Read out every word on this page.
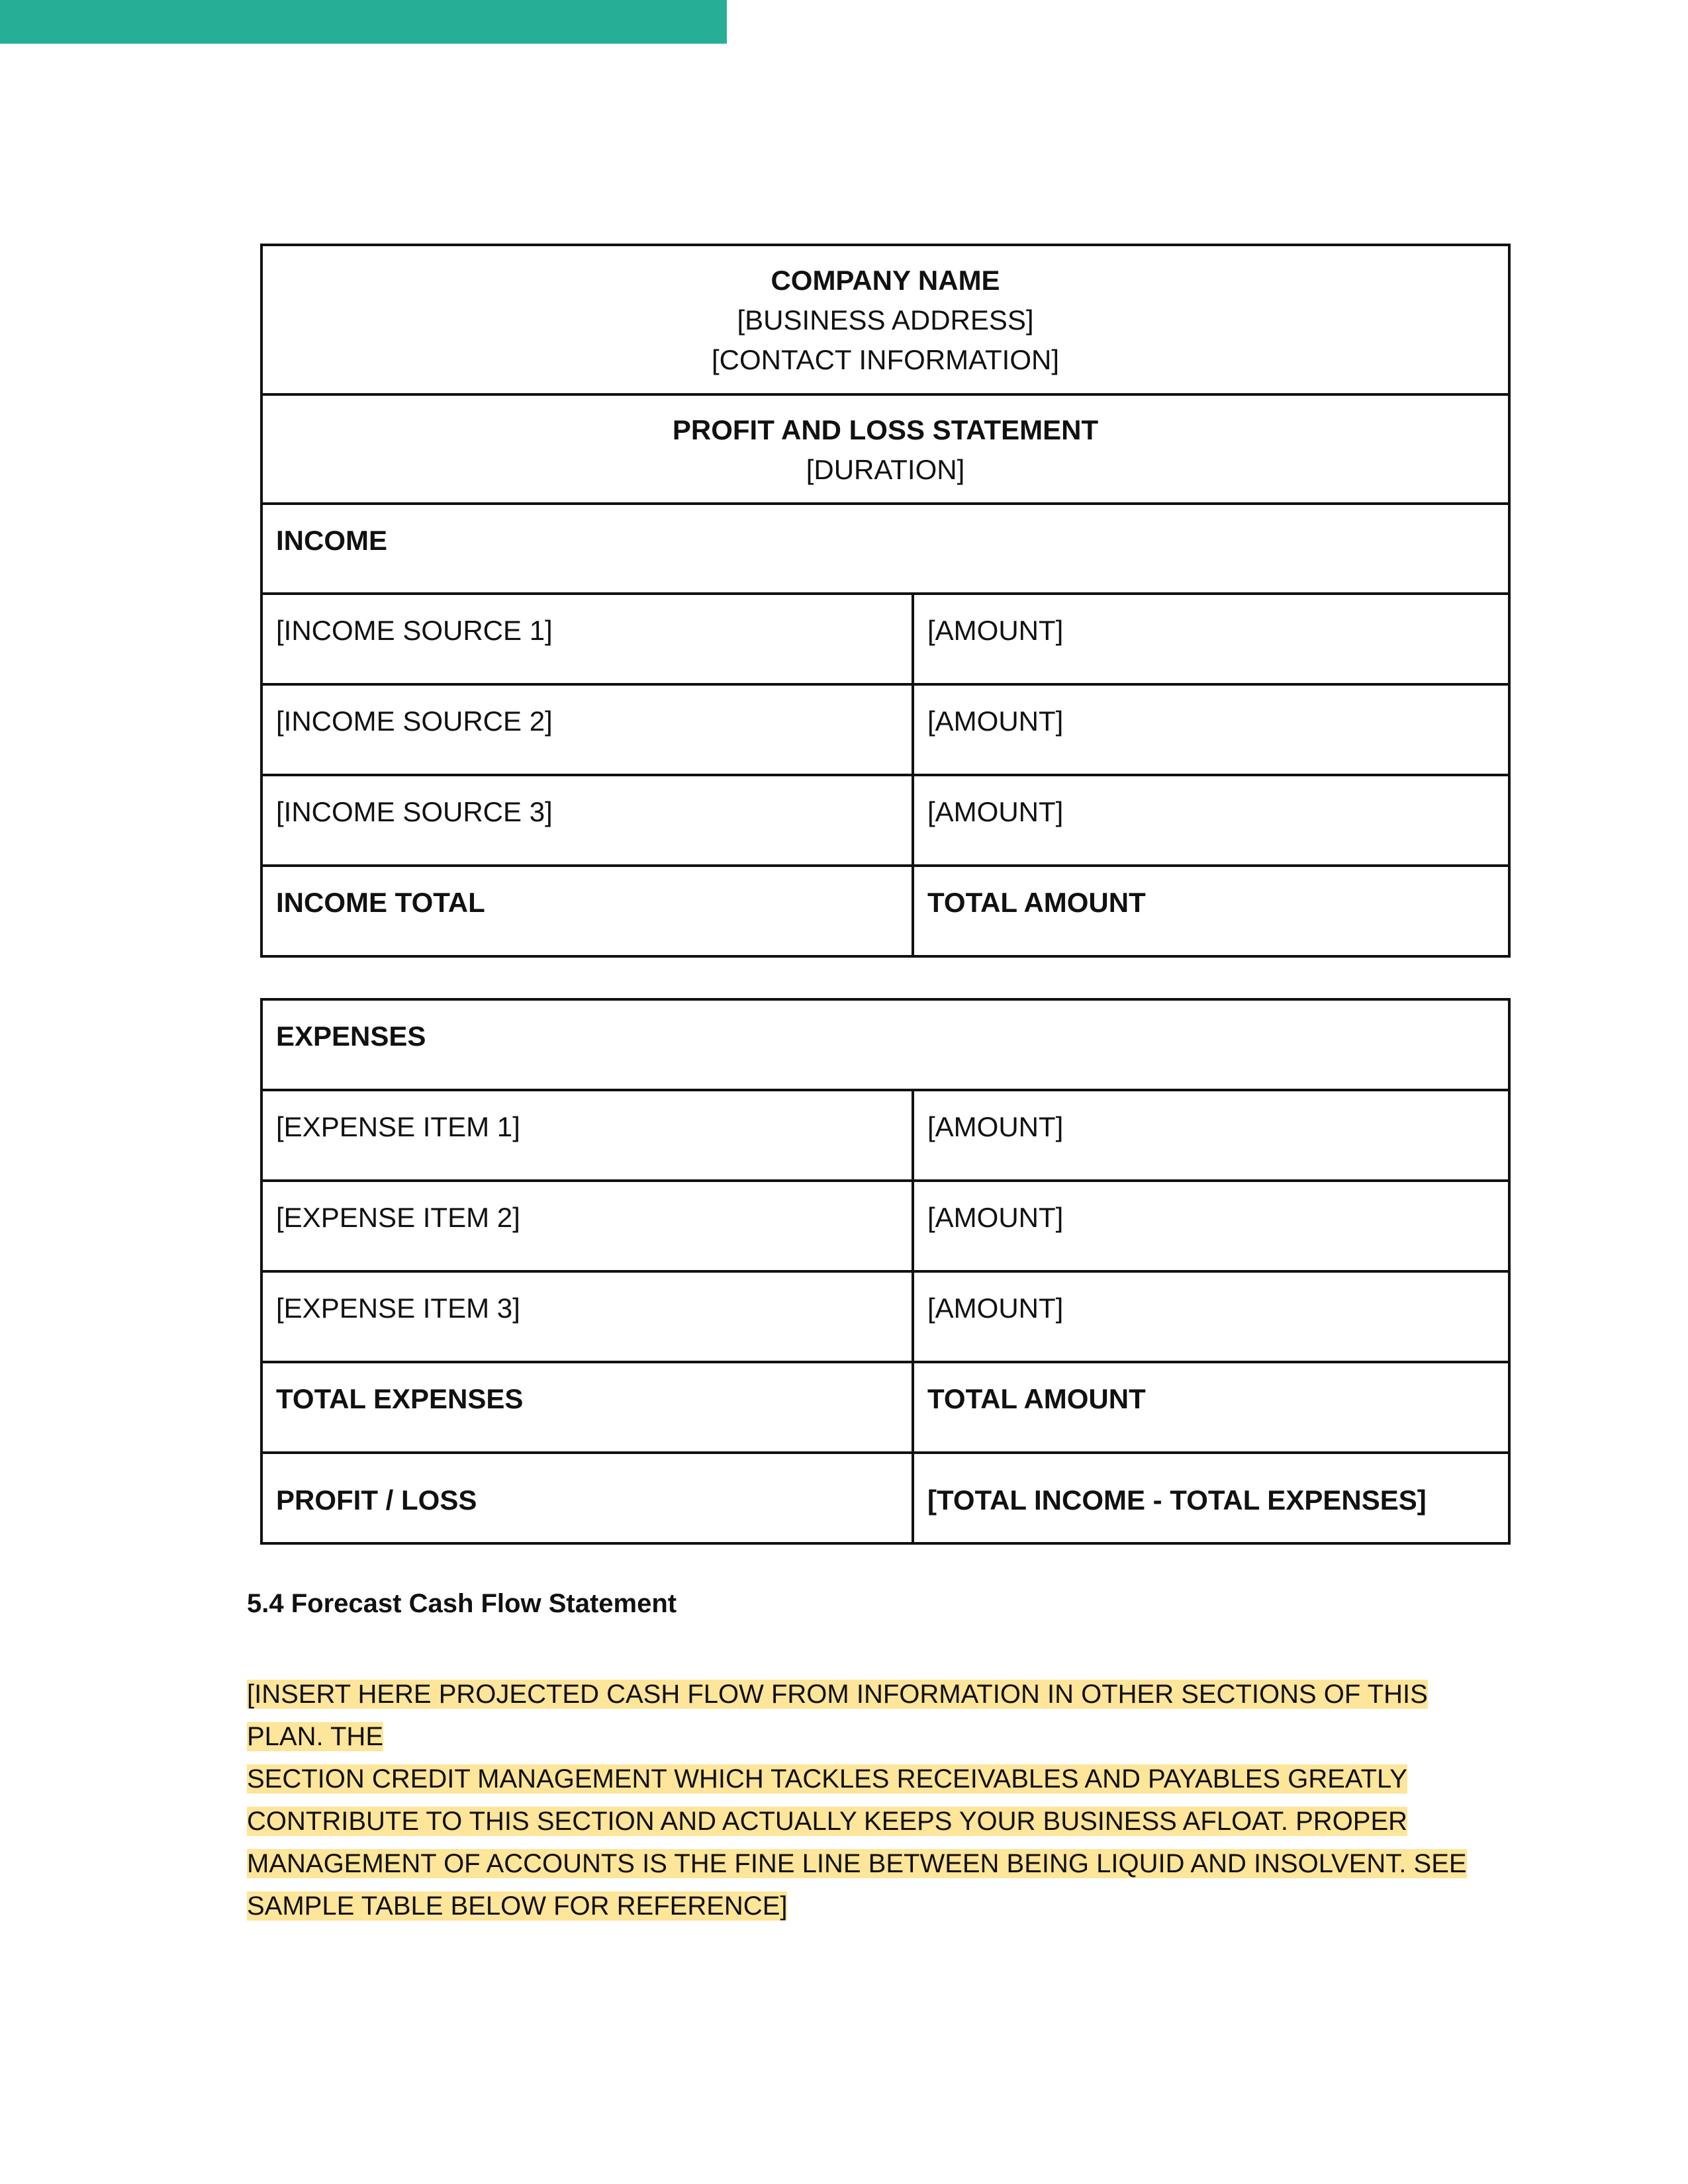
COMPANY NAME
[BUSINESS ADDRESS]
[CONTACT INFORMATION]	

PROFIT AND LOSS STATEMENT
[DURATION]	

INCOME	
[INCOME SOURCE 1]	[AMOUNT]
[INCOME SOURCE 2]	[AMOUNT]
[INCOME SOURCE 3]	[AMOUNT]
INCOME TOTAL	TOTAL AMOUNT
EXPENSES	
[EXPENSE ITEM 1]	[AMOUNT]
[EXPENSE ITEM 2]	[AMOUNT]
[EXPENSE ITEM 3]	[AMOUNT]
TOTAL EXPENSES	TOTAL AMOUNT
PROFIT / LOSS	[TOTAL INCOME - TOTAL EXPENSES]

5.4 Forecast Cash Flow Statement

[INSERT HERE PROJECTED CASH FLOW FROM INFORMATION IN OTHER SECTIONS OF THIS PLAN. THE
SECTION CREDIT MANAGEMENT WHICH TACKLES RECEIVABLES AND PAYABLES GREATLY
CONTRIBUTE TO THIS SECTION AND ACTUALLY KEEPS YOUR BUSINESS AFLOAT. PROPER
MANAGEMENT OF ACCOUNTS IS THE FINE LINE BETWEEN BEING LIQUID AND INSOLVENT. SEE
SAMPLE TABLE BELOW FOR REFERENCE]
